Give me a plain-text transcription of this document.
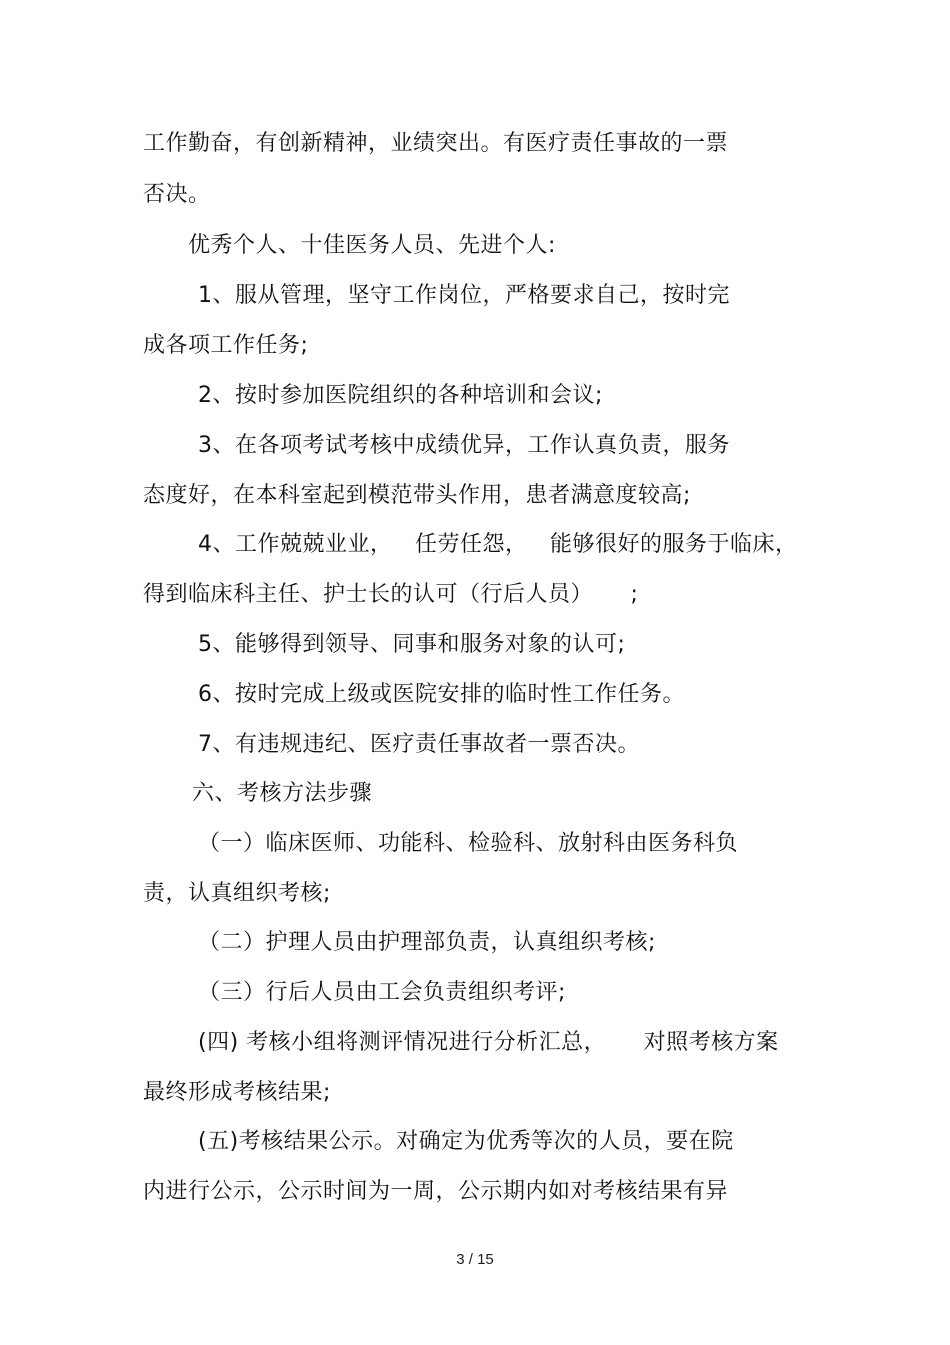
工作勤奋，有创新精神，业绩突出。有医疗责任事故的一票
否决。
优秀个人、十佳医务人员、先进个人:
1、服从管理，坚守工作岗位，严格要求自己，按时完
成各项工作任务;
2、按时参加医院组织的各种培训和会议;
3、在各项考试考核中成绩优异，工作认真负责，服务
态度好，在本科室起到模范带头作用，患者满意度较高;
4、工作兢兢业业，   任劳任怨，   能够很好的服务于临床，
得到临床科主任、护士长的认可（行后人员）     ;
5、能够得到领导、同事和服务对象的认可;
6、按时完成上级或医院安排的临时性工作任务。
7、有违规违纪、医疗责任事故者一票否决。
六、考核方法步骤
（一）临床医师、功能科、检验科、放射科由医务科负
责，认真组织考核;
（二）护理人员由护理部负责，认真组织考核;
（三）行后人员由工会负责组织考评;
(四) 考核小组将测评情况进行分析汇总，     对照考核方案
最终形成考核结果;
(五)考核结果公示。对确定为优秀等次的人员，要在院
内进行公示，公示时间为一周，公示期内如对考核结果有异
3 / 15
